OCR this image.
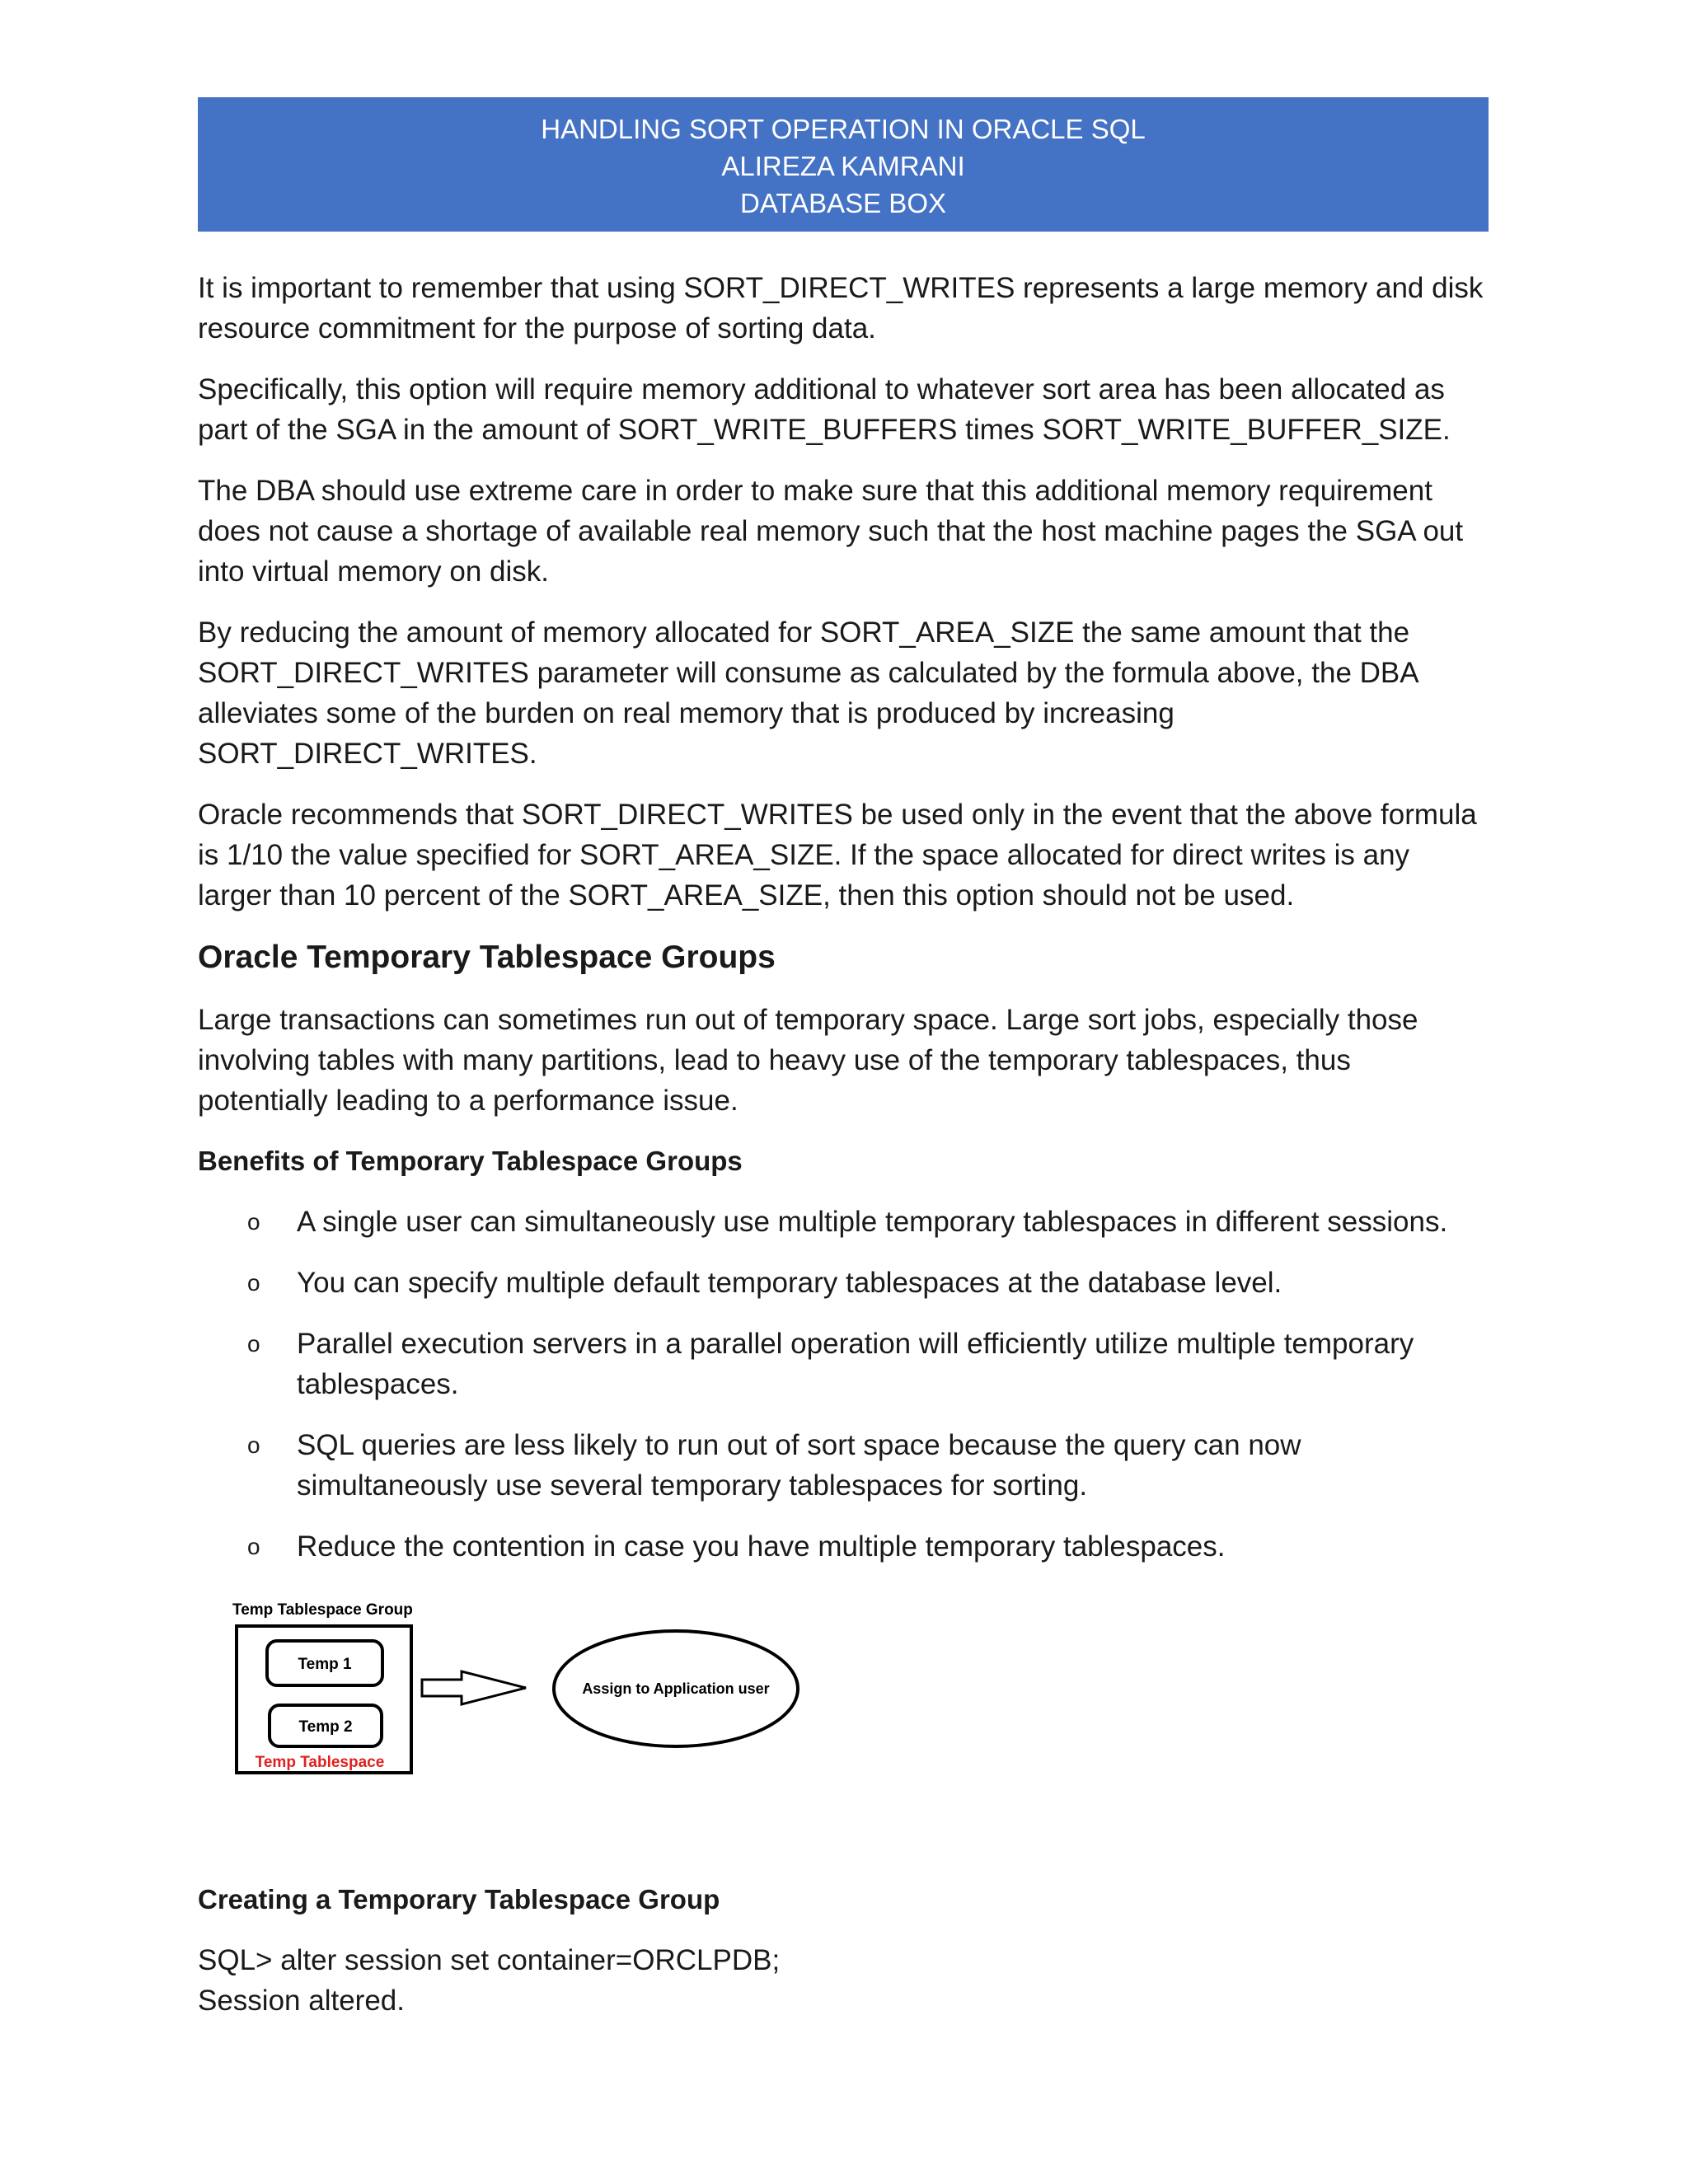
HANDLING SORT OPERATION IN ORACLE SQL
ALIREZA KAMRANI
DATABASE BOX

It is important to remember that using SORT_DIRECT_WRITES represents a large memory and disk resource commitment for the purpose of sorting data.

Specifically, this option will require memory additional to whatever sort area has been allocated as part of the SGA in the amount of SORT_WRITE_BUFFERS times SORT_WRITE_BUFFER_SIZE.

The DBA should use extreme care in order to make sure that this additional memory requirement does not cause a shortage of available real memory such that the host machine pages the SGA out into virtual memory on disk.

By reducing the amount of memory allocated for SORT_AREA_SIZE the same amount that the SORT_DIRECT_WRITES parameter will consume as calculated by the formula above, the DBA alleviates some of the burden on real memory that is produced by increasing SORT_DIRECT_WRITES.

Oracle recommends that SORT_DIRECT_WRITES be used only in the event that the above formula is 1/10 the value specified for SORT_AREA_SIZE. If the space allocated for direct writes is any larger than 10 percent of the SORT_AREA_SIZE, then this option should not be used.

Oracle Temporary Tablespace Groups

Large transactions can sometimes run out of temporary space. Large sort jobs, especially those involving tables with many partitions, lead to heavy use of the temporary tablespaces, thus potentially leading to a performance issue.

Benefits of Temporary Tablespace Groups
o A single user can simultaneously use multiple temporary tablespaces in different sessions.
o You can specify multiple default temporary tablespaces at the database level.
o Parallel execution servers in a parallel operation will efficiently utilize multiple temporary tablespaces.
o SQL queries are less likely to run out of sort space because the query can now simultaneously use several temporary tablespaces for sorting.
o Reduce the contention in case you have multiple temporary tablespaces.
Temp Tablespace Group
Temp 1
Temp 2
Temp Tablespace
Assign to Application user
Creating a Temporary Tablespace Group
SQL> alter session set container=ORCLPDB;
Session altered.
